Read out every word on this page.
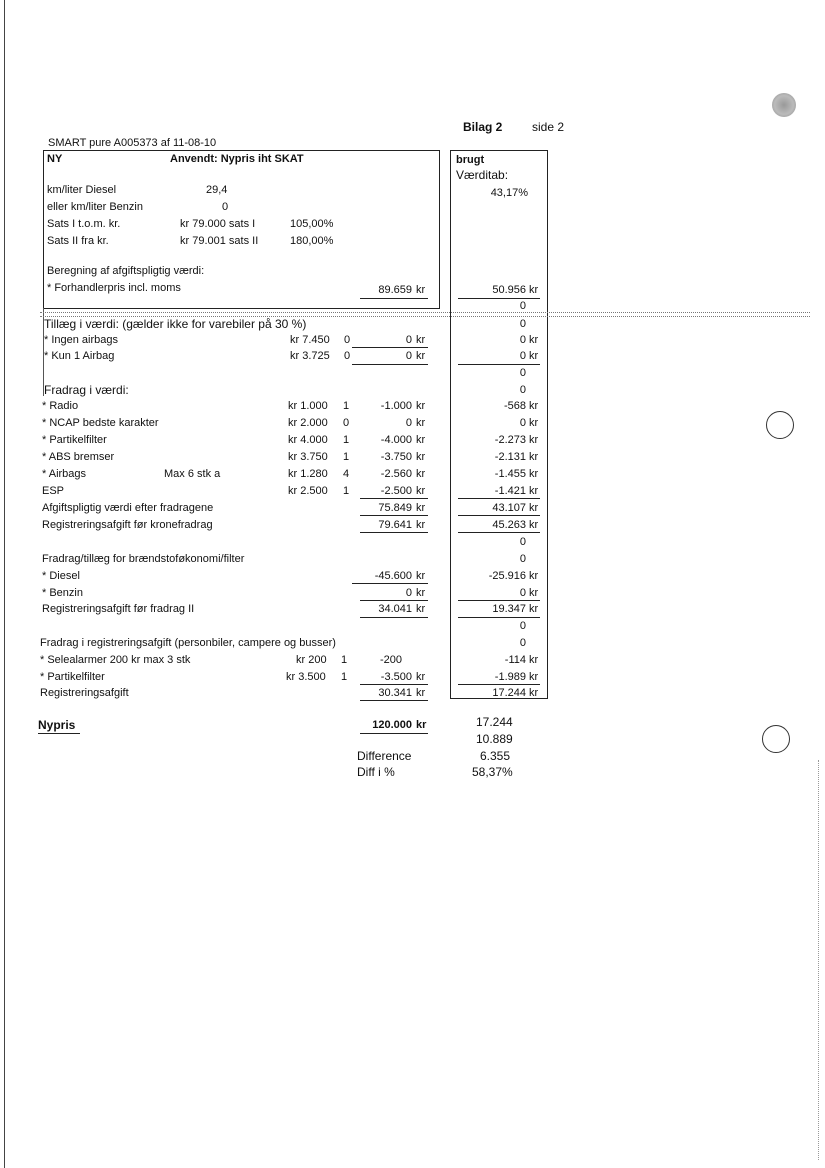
Bilag 2 side 2
SMART pure A005373 af 11-08-10
NY	Anvendt: Nypris iht SKAT	brugt
Værditab:
43,17%
km/liter Diesel	29,4
eller km/liter Benzin	0
Sats I t.o.m. kr.	kr 79.000 sats I	105,00%
Sats II fra kr.	kr 79.001 sats II	180,00%
Beregning af afgiftspligtig værdi:
* Forhandlerpris incl. moms	89.659 kr	50.956 kr
0
Tillæg i værdi: (gælder ikke for varebiler på 30 %)	0
* Ingen airbags	kr 7.450 0	0 kr	0 kr
* Kun 1 Airbag	kr 3.725 0	0 kr	0 kr
0
Fradrag i værdi:	0
* Radio	kr 1.000 1	-1.000 kr	-568 kr
* NCAP bedste karakter	kr 2.000 0	0 kr	0 kr
* Partikelfilter	kr 4.000 1	-4.000 kr	-2.273 kr
* ABS bremser	kr 3.750 1	-3.750 kr	-2.131 kr
* Airbags	Max 6 stk a	kr 1.280 4	-2.560 kr	-1.455 kr
ESP	kr 2.500 1	-2.500 kr	-1.421 kr
Afgiftspligtig værdi efter fradragene	75.849 kr	43.107 kr
Registreringsafgift før kronefradrag	79.641 kr	45.263 kr
0
Fradrag/tillæg for brændstoføkonomi/filter	0
* Diesel	-45.600 kr	-25.916 kr
* Benzin	0 kr	0 kr
Registreringsafgift før fradrag II	34.041 kr	19.347 kr
0
Fradrag i registreringsafgift (personbiler, campere og busser)	0
* Selealarmer 200 kr max 3 stk	kr 200 1	-200	-114 kr
* Partikelfilter	kr 3.500 1	-3.500 kr	-1.989 kr
Registreringsafgift	30.341 kr	17.244 kr
Nypris	120.000 kr	17.244
10.889
Difference	6.355
Diff i %	58,37%
